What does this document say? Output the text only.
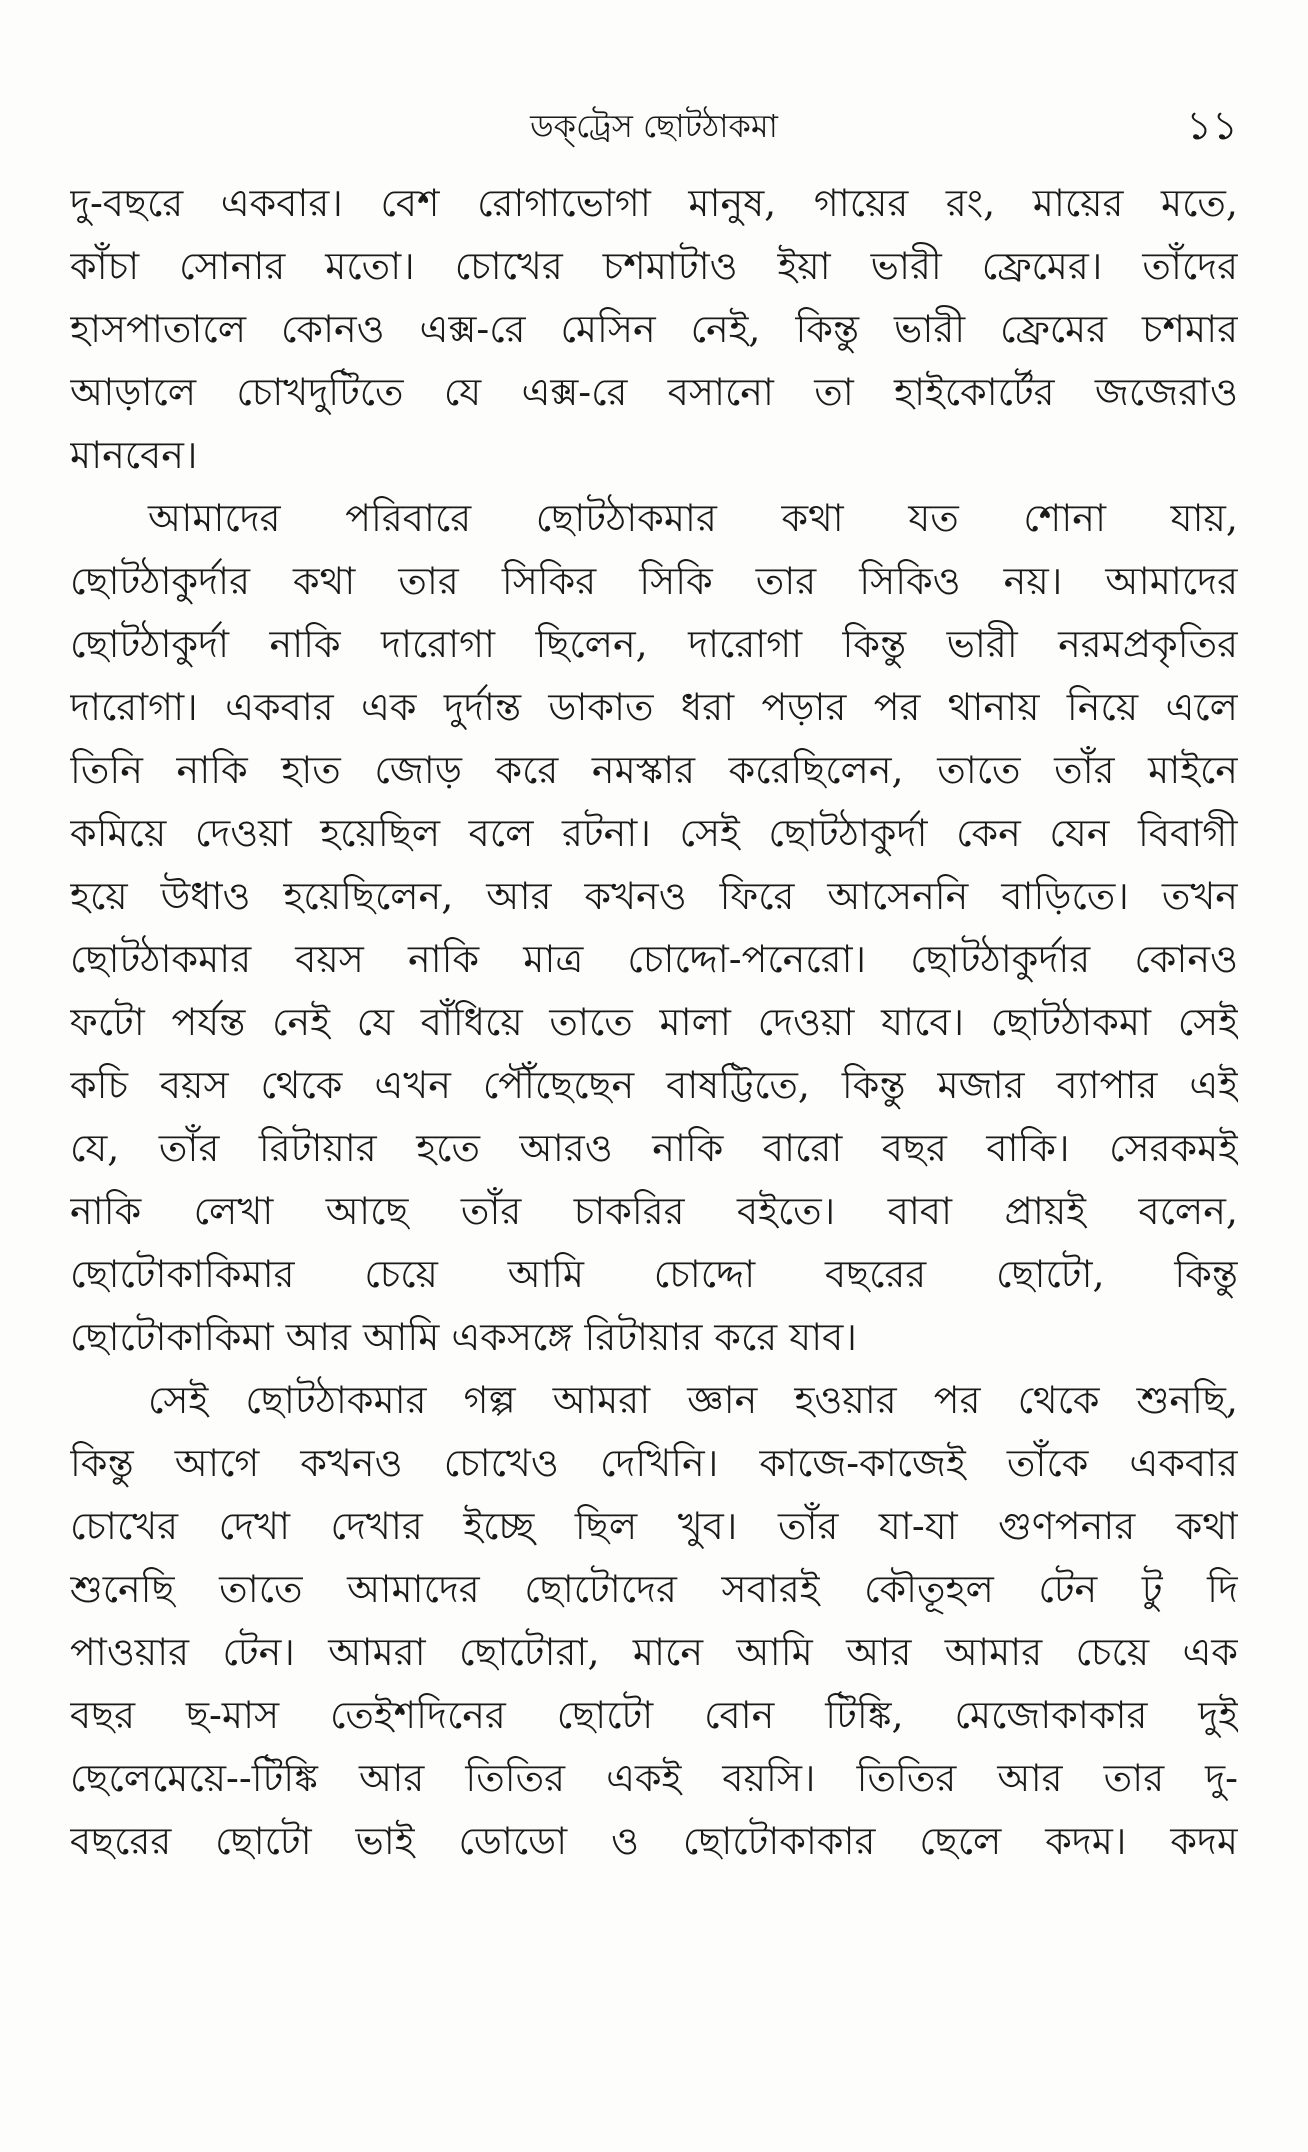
ডক্‌ট্রেস ছোটঠাকমা	১১
দু-বছরে একবার। বেশ রোগাভোগা মানুষ, গায়ের রং, মায়ের মতে,
কাঁচা সোনার মতো। চোখের চশমাটাও ইয়া ভারী ফ্রেমের। তাঁদের
হাসপাতালে কোনও এক্স-রে মেসিন নেই, কিন্তু ভারী ফ্রেমের চশমার
আড়ালে চোখদুটিতে যে এক্স-রে বসানো তা হাইকোর্টের জজেরাও
মানবেন।
আমাদের পরিবারে ছোটঠাকমার কথা যত শোনা যায়,
ছোটঠাকুর্দার কথা তার সিকির সিকি তার সিকিও নয়। আমাদের
ছোটঠাকুর্দা নাকি দারোগা ছিলেন, দারোগা কিন্তু ভারী নরমপ্রকৃতির
দারোগা। একবার এক দুর্দান্ত ডাকাত ধরা পড়ার পর থানায় নিয়ে এলে
তিনি নাকি হাত জোড় করে নমস্কার করেছিলেন, তাতে তাঁর মাইনে
কমিয়ে দেওয়া হয়েছিল বলে রটনা। সেই ছোটঠাকুর্দা কেন যেন বিবাগী
হয়ে উধাও হয়েছিলেন, আর কখনও ফিরে আসেননি বাড়িতে। তখন
ছোটঠাকমার বয়স নাকি মাত্র চোদ্দো-পনেরো। ছোটঠাকুর্দার কোনও
ফটো পর্যন্ত নেই যে বাঁধিয়ে তাতে মালা দেওয়া যাবে। ছোটঠাকমা সেই
কচি বয়স থেকে এখন পৌঁছেছেন বাষট্টিতে, কিন্তু মজার ব্যাপার এই
যে, তাঁর রিটায়ার হতে আরও নাকি বারো বছর বাকি। সেরকমই
নাকি লেখা আছে তাঁর চাকরির বইতে। বাবা প্রায়ই বলেন,
ছোটোকাকিমার চেয়ে আমি চোদ্দো বছরের ছোটো, কিন্তু
ছোটোকাকিমা আর আমি একসঙ্গে রিটায়ার করে যাব।
সেই ছোটঠাকমার গল্প আমরা জ্ঞান হওয়ার পর থেকে শুনছি,
কিন্তু আগে কখনও চোখেও দেখিনি। কাজে-কাজেই তাঁকে একবার
চোখের দেখা দেখার ইচ্ছে ছিল খুব। তাঁর যা-যা গুণপনার কথা
শুনেছি তাতে আমাদের ছোটোদের সবারই কৌতূহল টেন টু দি
পাওয়ার টেন। আমরা ছোটোরা, মানে আমি আর আমার চেয়ে এক
বছর ছ-মাস তেইশদিনের ছোটো বোন টিঙ্কি, মেজোকাকার দুই
ছেলেমেয়ে--টিঙ্কি আর তিতির একই বয়সি। তিতির আর তার দু-
বছরের ছোটো ভাই ডোডো ও ছোটোকাকার ছেলে কদম। কদম
